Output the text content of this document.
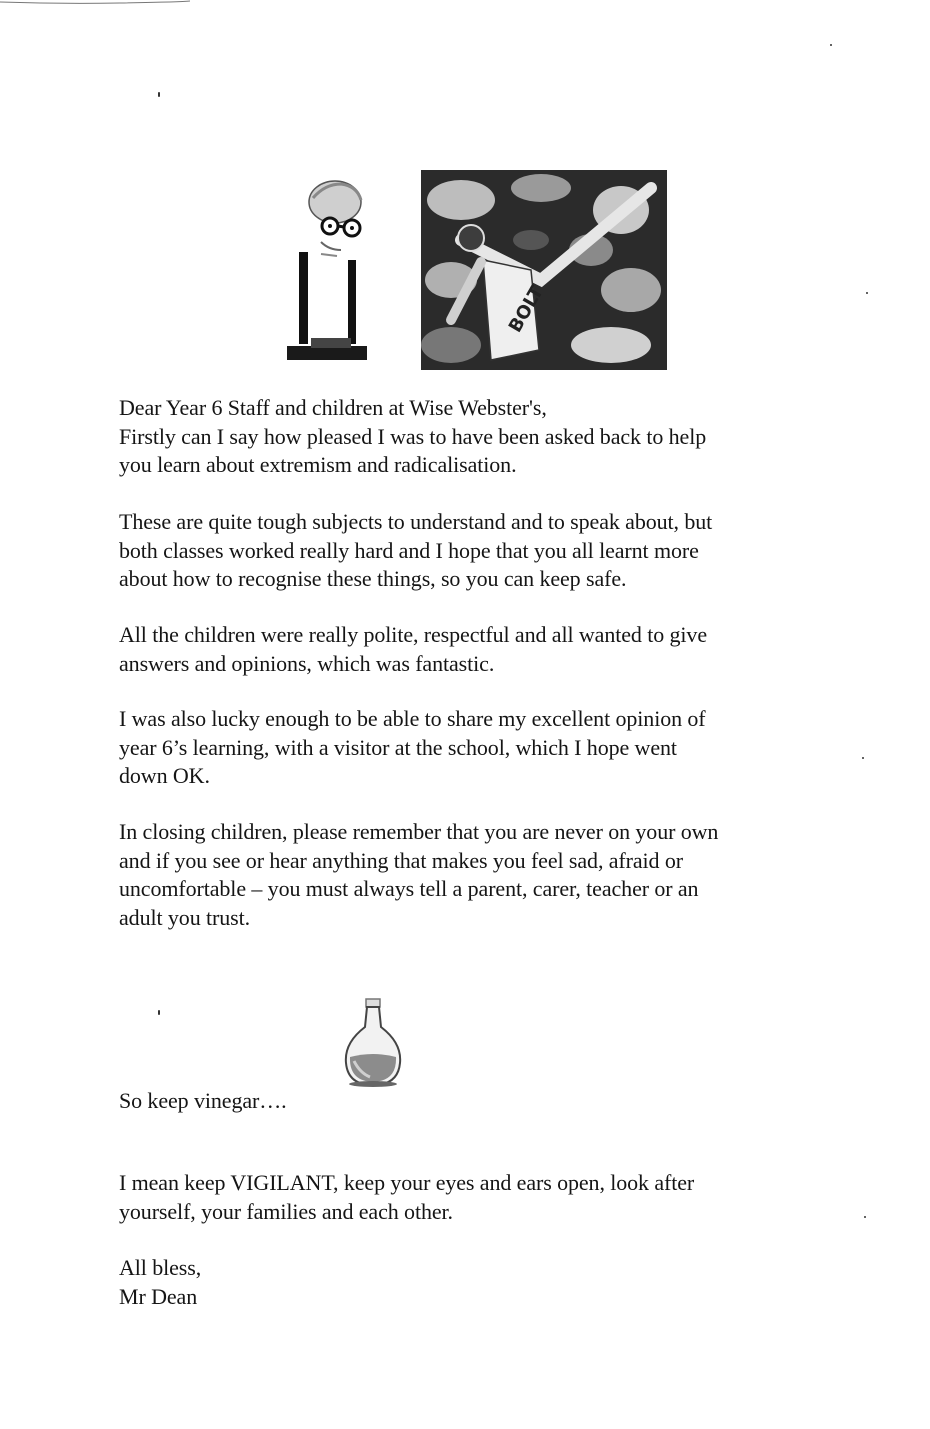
BOLT

Dear Year 6 Staff and children at Wise Webster's,
Firstly can I say how pleased I was to have been asked back to help
you learn about extremism and radicalisation.

These are quite tough subjects to understand and to speak about, but
both classes worked really hard and I hope that you all learnt more
about how to recognise these things, so you can keep safe.

All the children were really polite, respectful and all wanted to give
answers and opinions, which was fantastic.

I was also lucky enough to be able to share my excellent opinion of
year 6’s learning, with a visitor at the school, which I hope went
down OK.

In closing children, please remember that you are never on your own
and if you see or hear anything that makes you feel sad, afraid or
uncomfortable – you must always tell a parent, carer, teacher or an
adult you trust.

So keep vinegar….

I mean keep VIGILANT, keep your eyes and ears open, look after
yourself, your families and each other.

All bless,
Mr Dean
